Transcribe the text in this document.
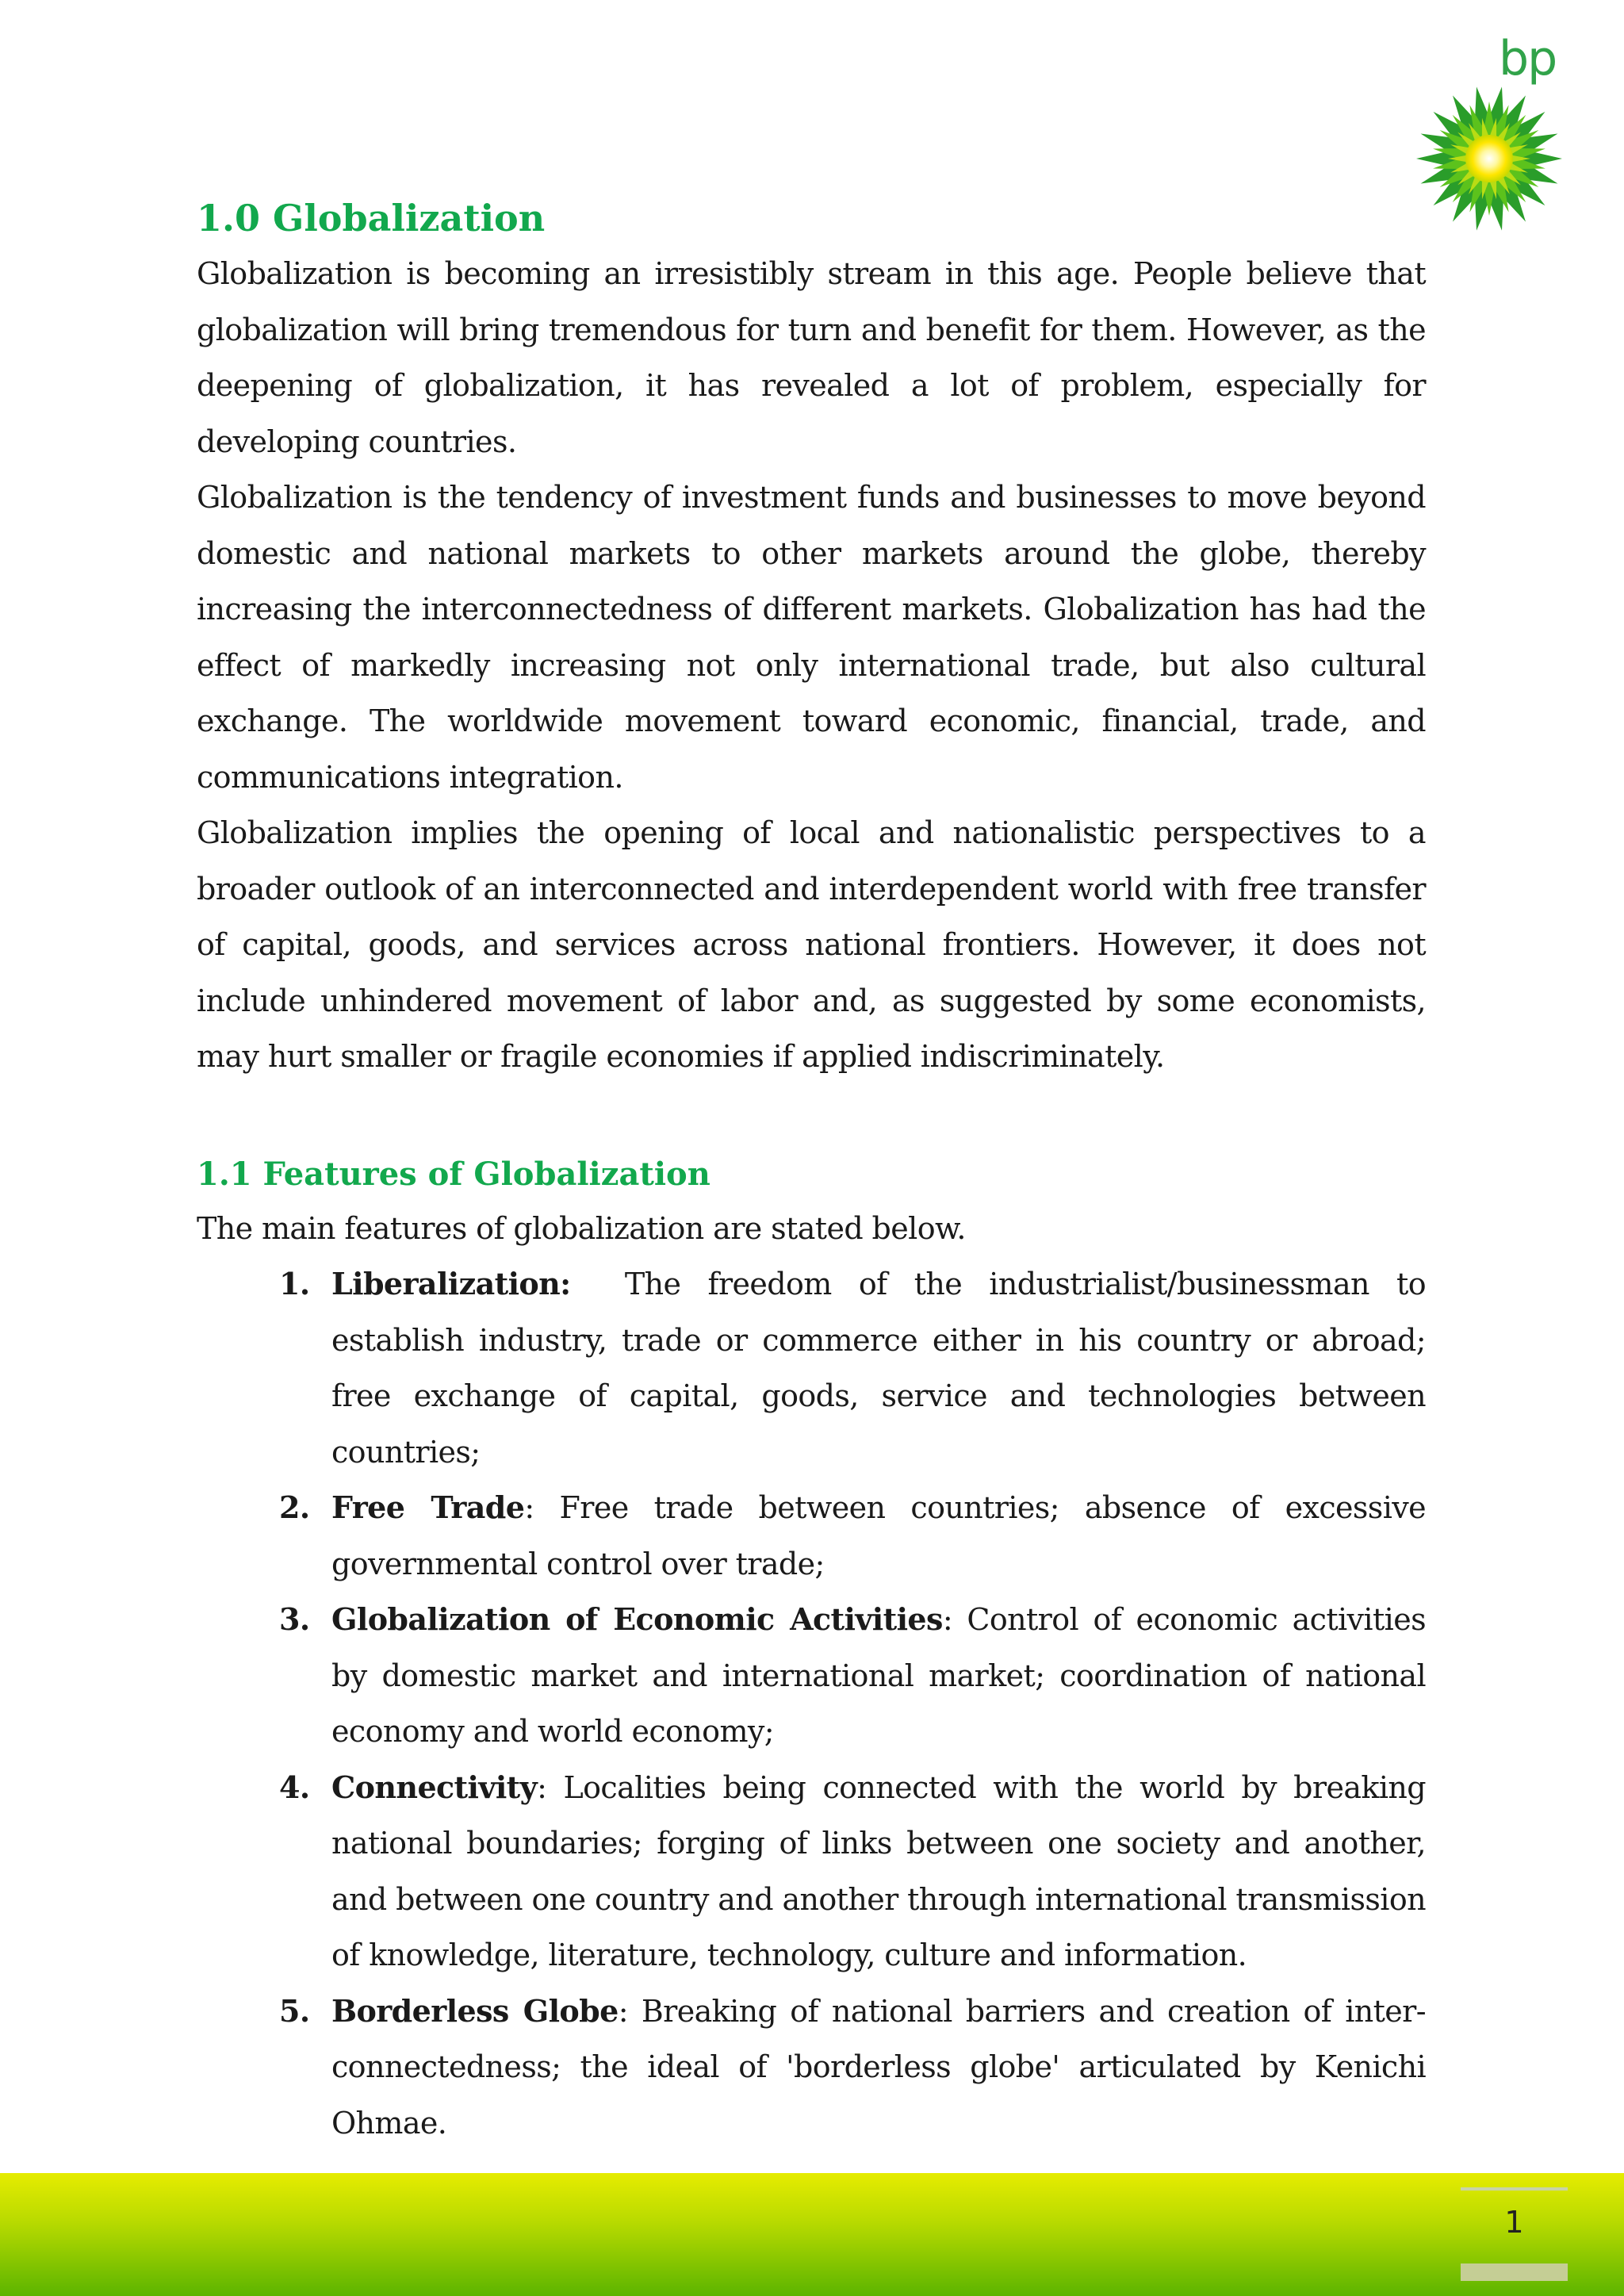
bp
1.0 Globalization

Globalization is becoming an irresistibly stream in this age. People believe that globalization will bring tremendous for turn and benefit for them. However, as the deepening of globalization, it has revealed a lot of problem, especially for developing countries.

Globalization is the tendency of investment funds and businesses to move beyond domestic and national markets to other markets around the globe, thereby increasing the interconnectedness of different markets. Globalization has had the effect of markedly increasing not only international trade, but also cultural exchange. The worldwide movement toward economic, financial, trade, and communications integration.

Globalization implies the opening of local and nationalistic perspectives to a broader outlook of an interconnected and interdependent world with free transfer of capital, goods, and services across national frontiers. However, it does not include unhindered movement of labor and, as suggested by some economists, may hurt smaller or fragile economies if applied indiscriminately.

1.1 Features of Globalization

The main features of globalization are stated below.

1. Liberalization:  The freedom of the industrialist/businessman to establish industry, trade or commerce either in his country or abroad; free exchange of capital, goods, service and technologies between countries;
2. Free Trade: Free trade between countries; absence of excessive governmental control over trade;
3. Globalization of Economic Activities: Control of economic activities by domestic market and international market; coordination of national economy and world economy;
4. Connectivity: Localities being connected with the world by breaking national boundaries; forging of links between one society and another, and between one country and another through international transmission of knowledge, literature, technology, culture and information.
5. Borderless Globe: Breaking of national barriers and creation of inter-connectedness; the ideal of 'borderless globe' articulated by Kenichi Ohmae.
1
